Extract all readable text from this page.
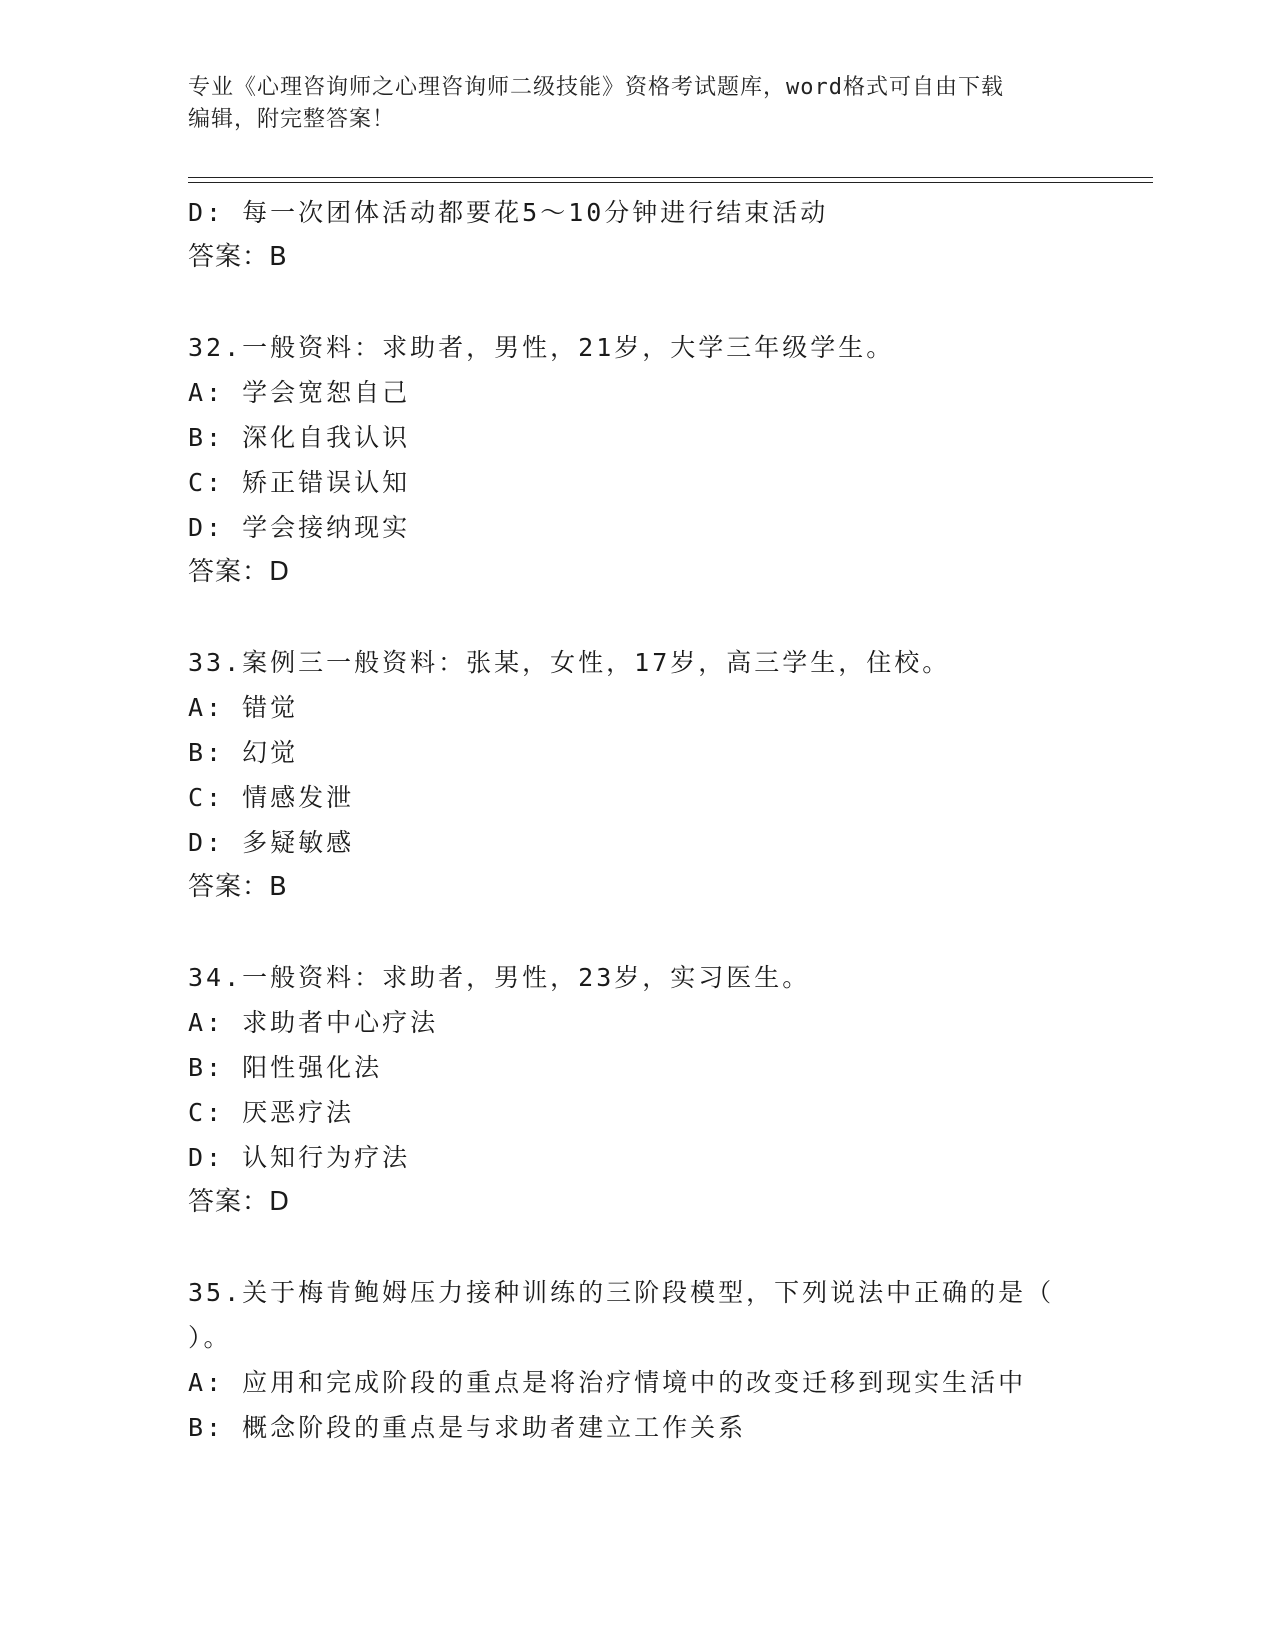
专业《心理咨询师之心理咨询师二级技能》资格考试题库，word格式可自由下载
编辑，附完整答案！
D: 每一次团体活动都要花5～10分钟进行结束活动
答案：B
32.一般资料：求助者，男性，21岁，大学三年级学生。
A: 学会宽恕自己
B: 深化自我认识
C: 矫正错误认知
D: 学会接纳现实
答案：D
33.案例三一般资料：张某，女性，17岁，高三学生，住校。
A: 错觉
B: 幻觉
C: 情感发泄
D: 多疑敏感
答案：B
34.一般资料：求助者，男性，23岁，实习医生。
A: 求助者中心疗法
B: 阳性强化法
C: 厌恶疗法
D: 认知行为疗法
答案：D
35.关于梅肯鲍姆压力接种训练的三阶段模型，下列说法中正确的是（
）。
A: 应用和完成阶段的重点是将治疗情境中的改变迁移到现实生活中
B: 概念阶段的重点是与求助者建立工作关系
